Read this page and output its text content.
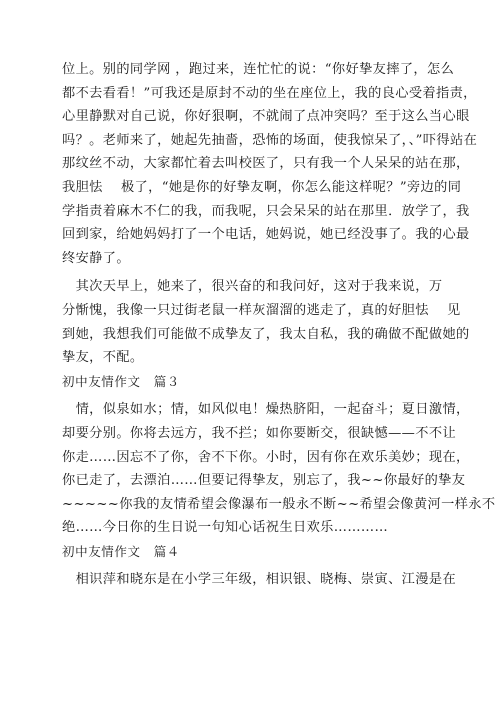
位上。别的同学网 ，跑过来，连忙忙的说：“你好挚友摔了，怎么
都不去看看！”可我还是原封不动的坐在座位上，我的良心受着指责，
心里静默对自己说，你好狠啊，不就闹了点冲突吗？至于这么当心眼
吗？。老师来了，她起先抽嗇，恐怖的场面，使我惊呆了，、”吓得站在
那纹丝不动，大家都忙着去叫校医了，只有我一个人呆呆的站在那，
我胆怯　 极了，“她是你的好挚友啊，你怎么能这样呢？”旁边的同
学指责着麻木不仁的我，而我呢，只会呆呆的站在那里．放学了，我
回到家，给她妈妈打了一个电话，她妈说，她已经没事了。我的心最
终安静了。
　其次天早上，她来了，很兴奋的和我问好，这对于我来说，万
分惭愧，我像一只过街老鼠一样灰溜溜的逃走了，真的好胆怯　 见
到她，我想我们可能做不成挚友了，我太自私，我的确做不配做她的
挚友，不配。
初中友情作文　篇３
　情，似泉如水；情，如风似电！燥热脐阳，一起奋斗；夏日激情，
却要分别。你将去远方，我不拦；如你要断交，很缺憾——不不让
你走……因忘不了你，舍不下你。小时，因有你在欢乐美妙；现在，
你已走了，去漂泊……但要记得挚友，别忘了，我~~你最好的挚友
~~~~~你我的友情希望会像瀑布一般永不断~~希望会像黄河一样永不
绝……今日你的生日说一句知心话祝生日欢乐…………
初中友情作文　篇４
　相识萍和晓东是在小学三年级，相识银、晓梅、崇寅、江漫是在
